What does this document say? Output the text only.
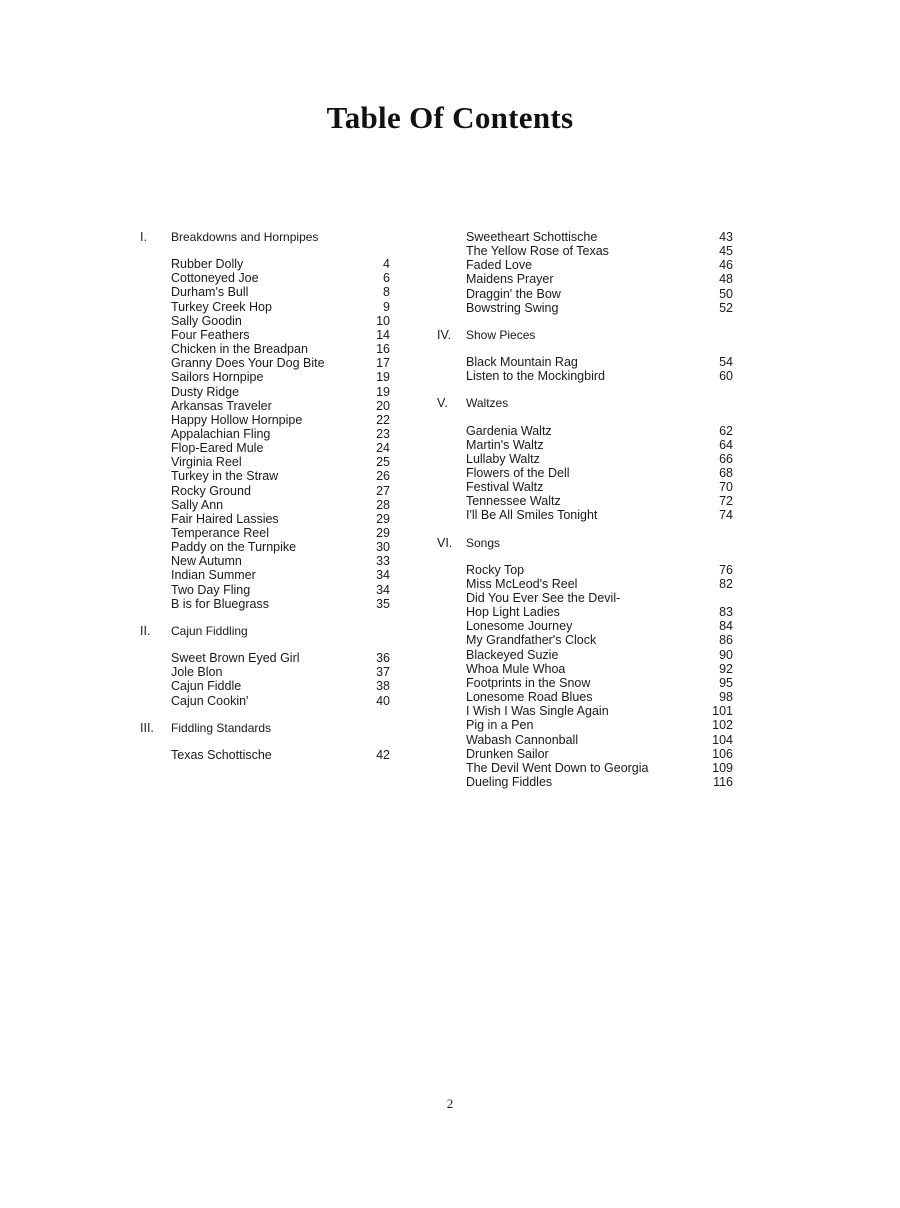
Table Of Contents
I. Breakdowns and Hornpipes
Rubber Dolly	4
Cottoneyed Joe	6
Durham's Bull	8
Turkey Creek Hop	9
Sally Goodin	10
Four Feathers	14
Chicken in the Breadpan	16
Granny Does Your Dog Bite	17
Sailors Hornpipe	19
Dusty Ridge	19
Arkansas Traveler	20
Happy Hollow Hornpipe	22
Appalachian Fling	23
Flop-Eared Mule	24
Virginia Reel	25
Turkey in the Straw	26
Rocky Ground	27
Sally Ann	28
Fair Haired Lassies	29
Temperance Reel	29
Paddy on the Turnpike	30
New Autumn	33
Indian Summer	34
Two Day Fling	34
B is for Bluegrass	35
II. Cajun Fiddling
Sweet Brown Eyed Girl	36
Jole Blon	37
Cajun Fiddle	38
Cajun Cookin'	40
III. Fiddling Standards
Texas Schottische	42
Sweetheart Schottische	43
The Yellow Rose of Texas	45
Faded Love	46
Maidens Prayer	48
Draggin' the Bow	50
Bowstring Swing	52
IV. Show Pieces
Black Mountain Rag	54
Listen to the Mockingbird	60
V. Waltzes
Gardenia Waltz	62
Martin's Waltz	64
Lullaby Waltz	66
Flowers of the Dell	68
Festival Waltz	70
Tennessee Waltz	72
I'll Be All Smiles Tonight	74
VI. Songs
Rocky Top	76
Miss McLeod's Reel	82
Did You Ever See the Devil-
Hop Light Ladies	83
Lonesome Journey	84
My Grandfather's Clock	86
Blackeyed Suzie	90
Whoa Mule Whoa	92
Footprints in the Snow	95
Lonesome Road Blues	98
I Wish I Was Single Again	101
Pig in a Pen	102
Wabash Cannonball	104
Drunken Sailor	106
The Devil Went Down to Georgia	109
Dueling Fiddles	116
2
